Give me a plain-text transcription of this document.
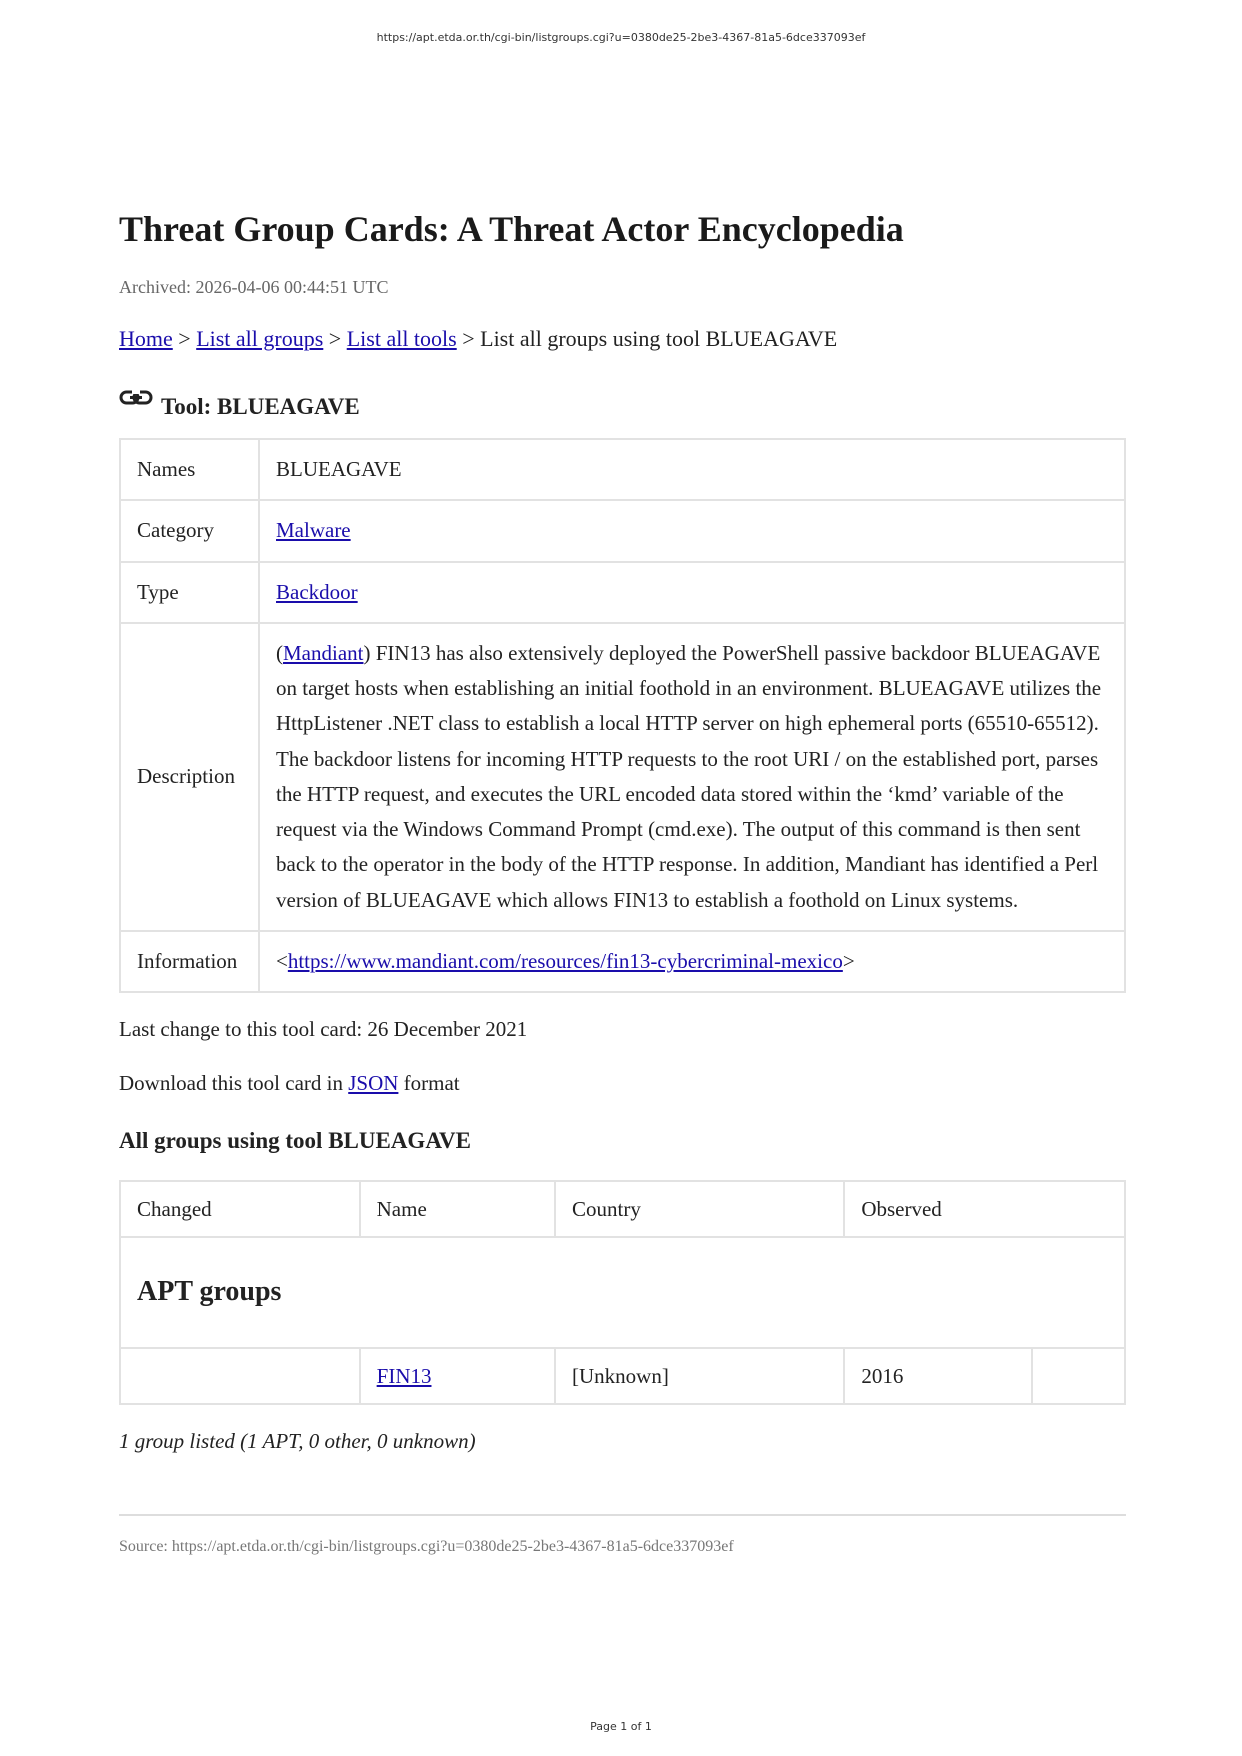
https://apt.etda.or.th/cgi-bin/listgroups.cgi?u=0380de25-2be3-4367-81a5-6dce337093ef
Threat Group Cards: A Threat Actor Encyclopedia
Archived: 2026-04-06 00:44:51 UTC
Home > List all groups > List all tools > List all groups using tool BLUEAGAVE
Tool: BLUEAGAVE
Names	BLUEAGAVE
Category	Malware
Type	Backdoor
Description	(Mandiant) FIN13 has also extensively deployed the PowerShell passive backdoor BLUEAGAVE on target hosts when establishing an initial foothold in an environment. BLUEAGAVE utilizes the HttpListener .NET class to establish a local HTTP server on high ephemeral ports (65510-65512). The backdoor listens for incoming HTTP requests to the root URI / on the established port, parses the HTTP request, and executes the URL encoded data stored within the ‘kmd’ variable of the request via the Windows Command Prompt (cmd.exe). The output of this command is then sent back to the operator in the body of the HTTP response. In addition, Mandiant has identified a Perl version of BLUEAGAVE which allows FIN13 to establish a foothold on Linux systems.
Information	<https://www.mandiant.com/resources/fin13-cybercriminal-mexico>
Last change to this tool card: 26 December 2021
Download this tool card in JSON format
All groups using tool BLUEAGAVE
Changed	Name	Country	Observed	
APT groups				
	FIN13	[Unknown]	2016	
1 group listed (1 APT, 0 other, 0 unknown)
Source: https://apt.etda.or.th/cgi-bin/listgroups.cgi?u=0380de25-2be3-4367-81a5-6dce337093ef
Page 1 of 1
